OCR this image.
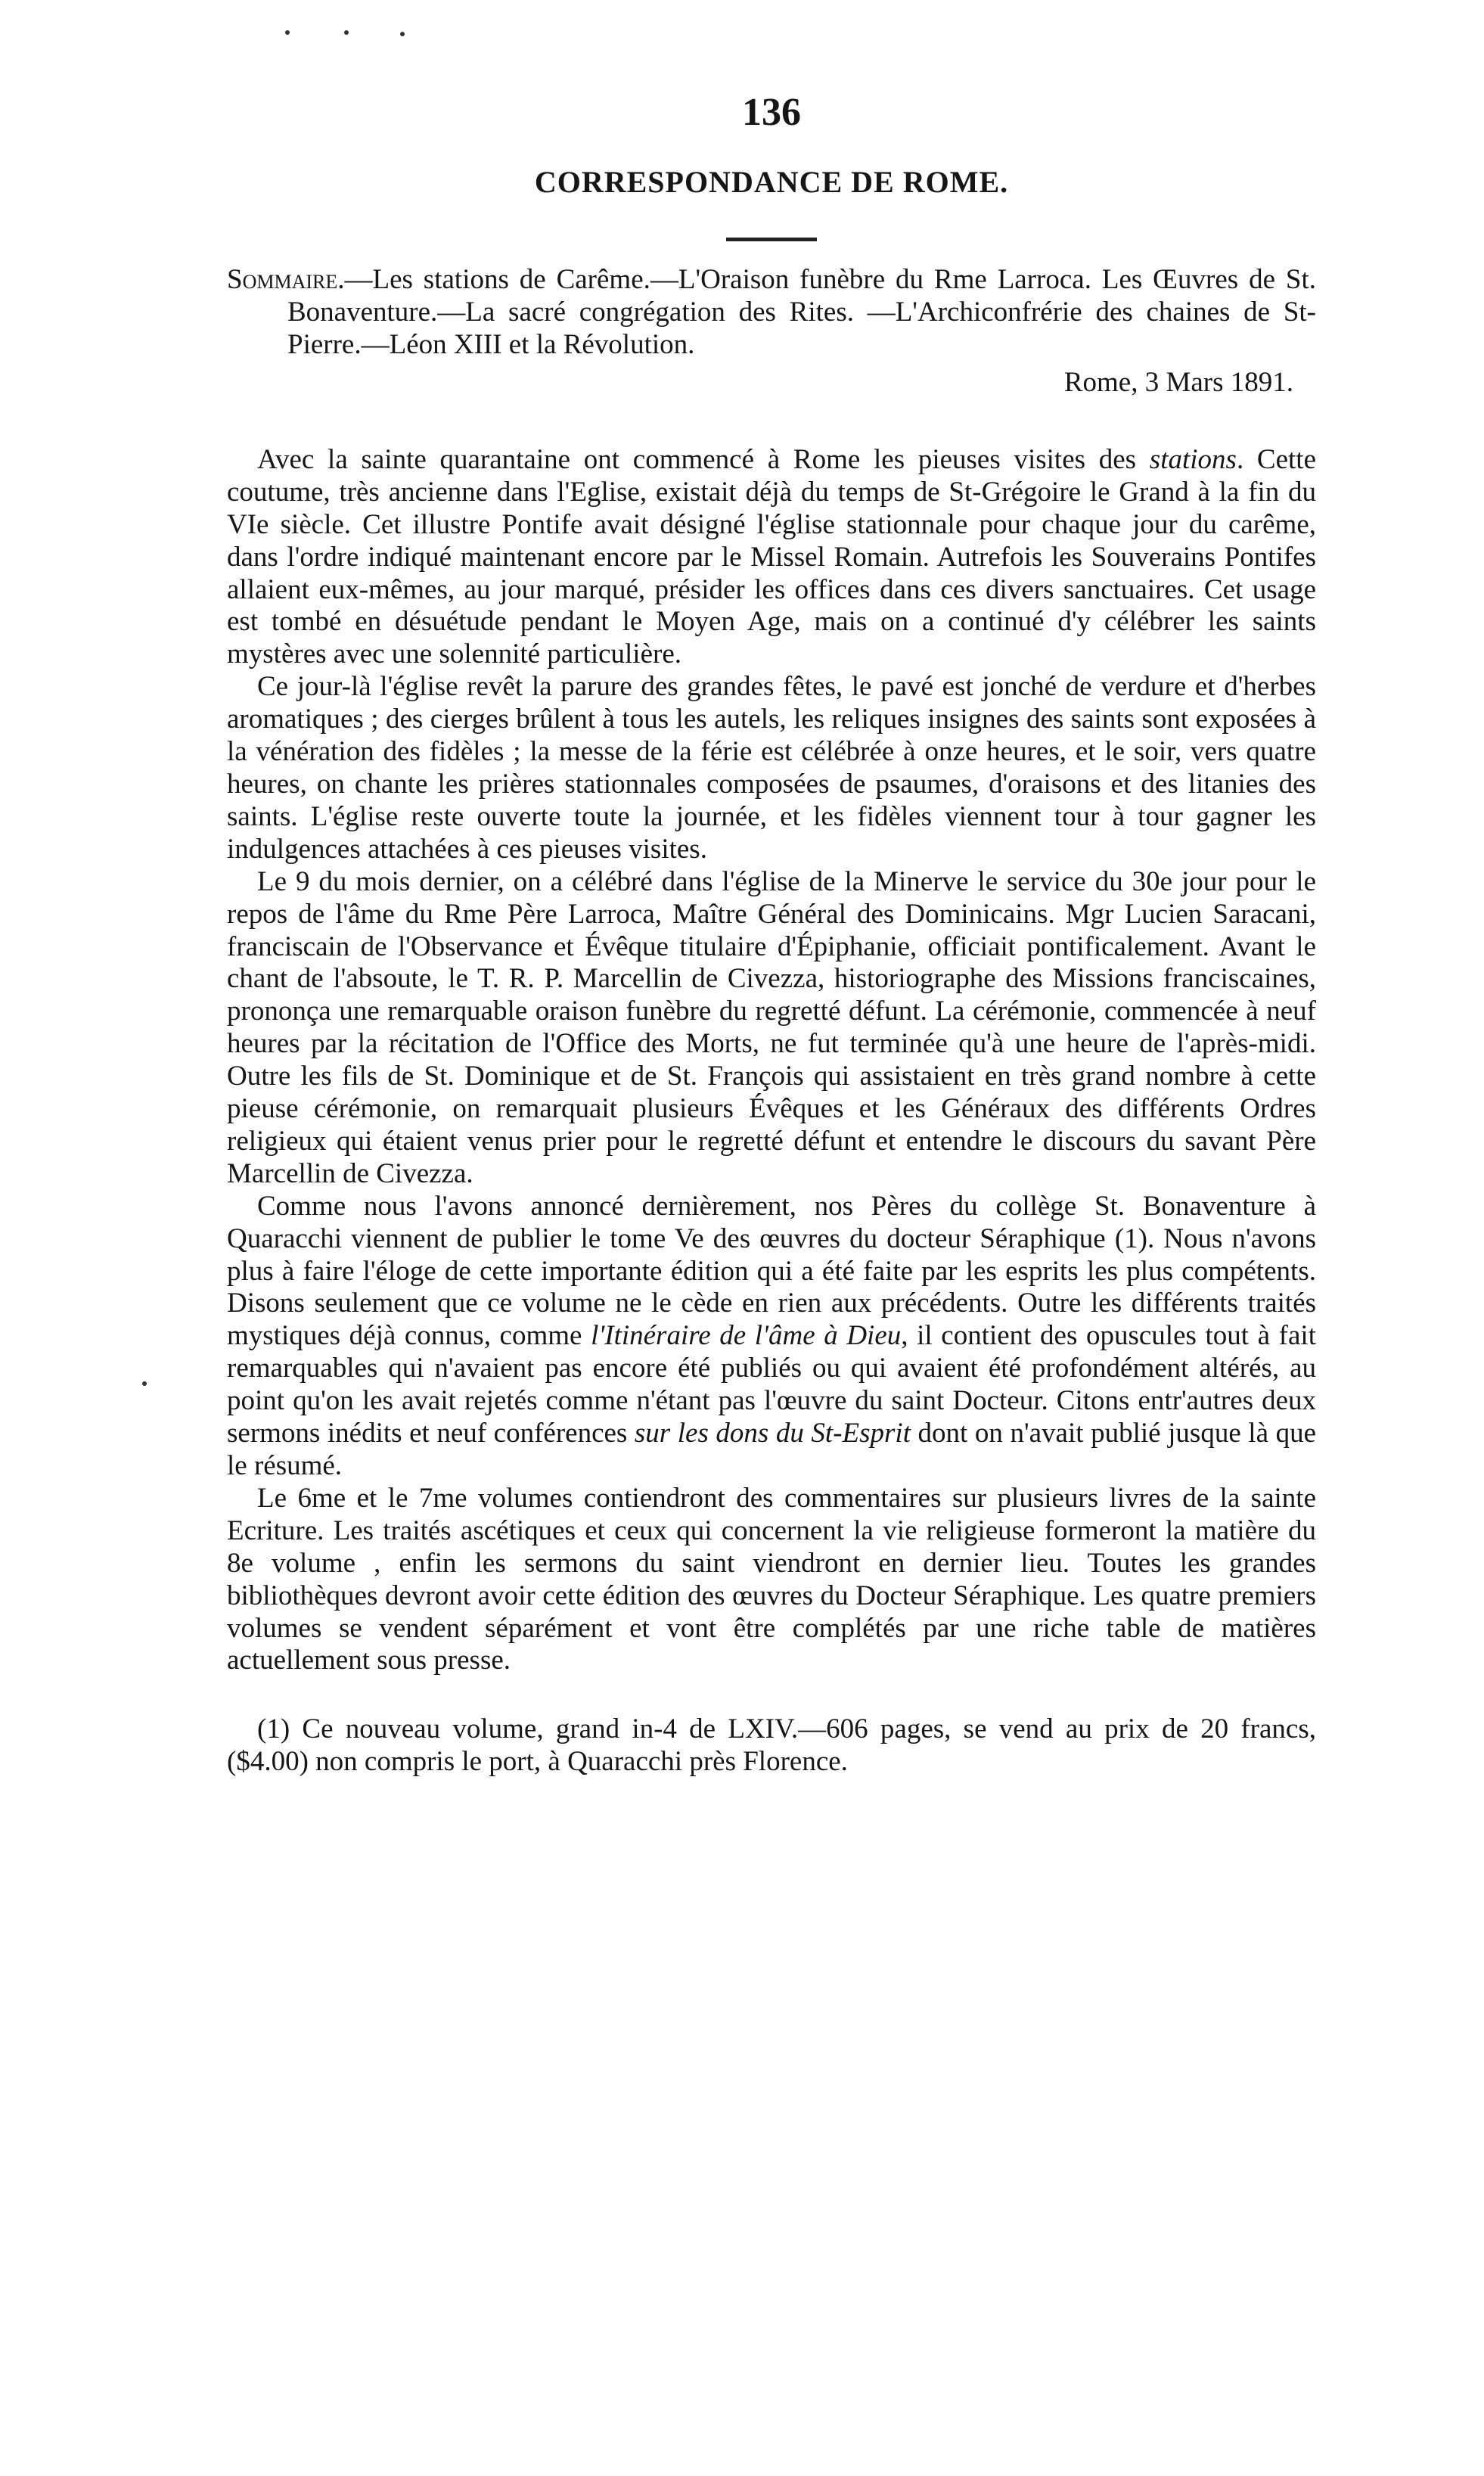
136
CORRESPONDANCE DE ROME.

Sommaire.—Les stations de Carême.—L'Oraison funèbre du Rme Larroca. Les Œuvres de St. Bonaventure.—La sacré congrégation des Rites. —L'Archiconfrérie des chaines de St-Pierre.—Léon XIII et la Révolution.

Rome, 3 Mars 1891.

Avec la sainte quarantaine ont commencé à Rome les pieuses visites des stations. Cette coutume, très ancienne dans l'Eglise, existait déjà du temps de St-Grégoire le Grand à la fin du VIe siècle. Cet illustre Pontife avait désigné l'église stationnale pour chaque jour du carême, dans l'ordre indiqué maintenant encore par le Missel Romain. Autrefois les Souverains Pontifes allaient eux-mêmes, au jour marqué, présider les offices dans ces divers sanctuaires. Cet usage est tombé en désuétude pendant le Moyen Age, mais on a continué d'y célébrer les saints mystères avec une solennité particulière.

Ce jour-là l'église revêt la parure des grandes fêtes, le pavé est jonché de verdure et d'herbes aromatiques ; des cierges brûlent à tous les autels, les reliques insignes des saints sont exposées à la vénération des fidèles ; la messe de la férie est célébrée à onze heures, et le soir, vers quatre heures, on chante les prières stationnales composées de psaumes, d'oraisons et des litanies des saints. L'église reste ouverte toute la journée, et les fidèles viennent tour à tour gagner les indulgences attachées à ces pieuses visites.

Le 9 du mois dernier, on a célébré dans l'église de la Minerve le service du 30e jour pour le repos de l'âme du Rme Père Larroca, Maître Général des Dominicains. Mgr Lucien Saracani, franciscain de l'Observance et Évêque titulaire d'Épiphanie, officiait pontificalement. Avant le chant de l'absoute, le T. R. P. Marcellin de Civezza, historiographe des Missions franciscaines, prononça une remarquable oraison funèbre du regretté défunt. La cérémonie, commencée à neuf heures par la récitation de l'Office des Morts, ne fut terminée qu'à une heure de l'après-midi. Outre les fils de St. Dominique et de St. François qui assistaient en très grand nombre à cette pieuse cérémonie, on remarquait plusieurs Évêques et les Généraux des différents Ordres religieux qui étaient venus prier pour le regretté défunt et entendre le discours du savant Père Marcellin de Civezza.

Comme nous l'avons annoncé dernièrement, nos Pères du collège St. Bonaventure à Quaracchi viennent de publier le tome Ve des œuvres du docteur Séraphique (1). Nous n'avons plus à faire l'éloge de cette importante édition qui a été faite par les esprits les plus compétents. Disons seulement que ce volume ne le cède en rien aux précédents. Outre les différents traités mystiques déjà connus, comme l'Itinéraire de l'âme à Dieu, il contient des opuscules tout à fait remarquables qui n'avaient pas encore été publiés ou qui avaient été profondément altérés, au point qu'on les avait rejetés comme n'étant pas l'œuvre du saint Docteur. Citons entr'autres deux sermons inédits et neuf conférences sur les dons du St-Esprit dont on n'avait publié jusque là que le résumé.

Le 6me et le 7me volumes contiendront des commentaires sur plusieurs livres de la sainte Ecriture. Les traités ascétiques et ceux qui concernent la vie religieuse formeront la matière du 8e volume , enfin les sermons du saint viendront en dernier lieu. Toutes les grandes bibliothèques devront avoir cette édition des œuvres du Docteur Séraphique. Les quatre premiers volumes se vendent séparément et vont être complétés par une riche table de matières actuellement sous presse.

(1) Ce nouveau volume, grand in-4 de LXIV.—606 pages, se vend au prix de 20 francs, ($4.00) non compris le port, à Quaracchi près Florence.
